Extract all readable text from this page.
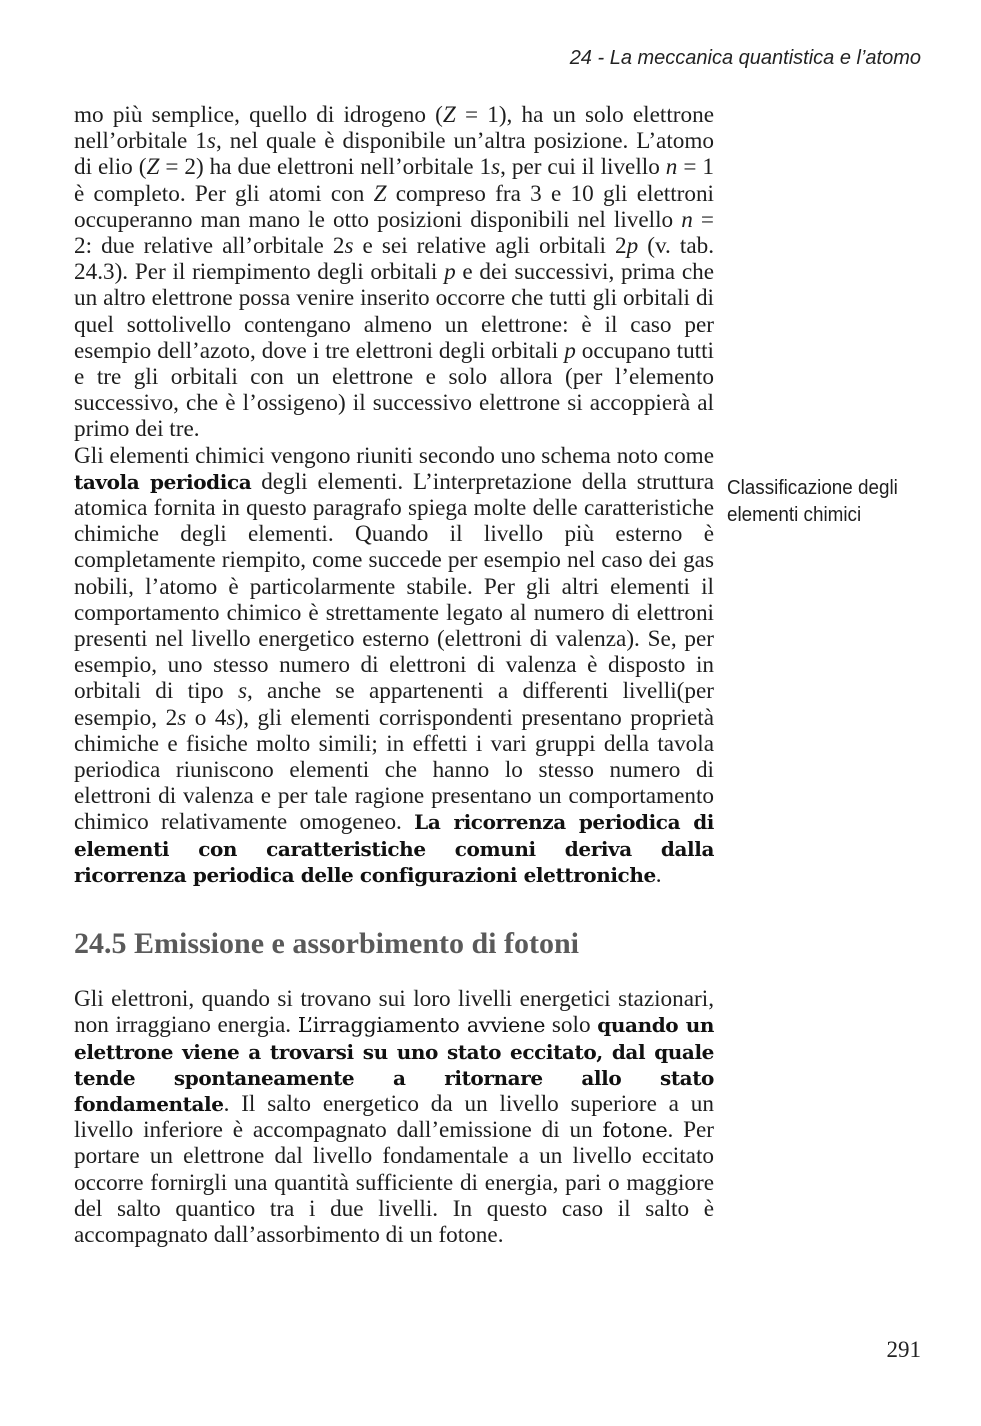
24 - La meccanica quantistica e l’atomo

mo più semplice, quello di idrogeno (Z = 1), ha un solo elettrone nell’orbitale 1s, nel quale è disponibile un’altra posizione. L’atomo di elio (Z = 2) ha due elettroni nell’orbitale 1s, per cui il livello n = 1 è completo. Per gli atomi con Z compreso fra 3 e 10 gli elettroni occuperanno man mano le otto posizioni disponibili nel livello n = 2: due relative all’orbitale 2s e sei relative agli orbitali 2p (v. tab. 24.3). Per il riempimento degli orbitali p e dei successivi, prima che un altro elettrone possa venire inserito occorre che tutti gli orbitali di quel sottolivello contengano almeno un elettrone: è il caso per esempio dell’azoto, dove i tre elettroni degli orbitali p occupano tutti e tre gli orbitali con un elettrone e solo allora (per l’elemento successivo, che è l’ossigeno) il successivo elettrone si accoppierà al primo dei tre.

Gli elementi chimici vengono riuniti secondo uno schema noto come tavola periodica degli elementi. L’interpretazione della struttura atomica fornita in questo paragrafo spiega molte delle caratteristiche chimiche degli elementi. Quando il livello più esterno è completamente riempito, come succede per esempio nel caso dei gas nobili, l’atomo è particolarmente stabile. Per gli altri elementi il comportamento chimico è strettamente legato al numero di elettroni presenti nel livello energetico esterno (elettroni di valenza). Se, per esempio, uno stesso numero di elettroni di valenza è disposto in orbitali di tipo s, anche se appartenenti a differenti livelli(per esempio, 2s o 4s), gli elementi corrispondenti presentano proprietà chimiche e fisiche molto simili; in effetti i vari gruppi della tavola periodica riuniscono elementi che hanno lo stesso numero di elettroni di valenza e per tale ragione presentano un comportamento chimico relativamente omogeneo. La ricorrenza periodica di elementi con caratteristiche comuni deriva dalla ricorrenza periodica delle configurazioni elettroniche.

24.5 Emissione e assorbimento di fotoni

Gli elettroni, quando si trovano sui loro livelli energetici stazionari, non irraggiano energia. L’irraggiamento avviene solo quando un elettrone viene a trovarsi su uno stato eccitato, dal quale tende spontaneamente a ritornare allo stato fondamentale. Il salto energetico da un livello superiore a un livello inferiore è accompagnato dall’emissione di un fotone. Per portare un elettrone dal livello fondamentale a un livello eccitato occorre fornirgli una quantità sufficiente di energia, pari o maggiore del salto quantico tra i due livelli. In questo caso il salto è accompagnato dall’assorbimento di un fotone.

Classificazione degli elementi chimici
291
